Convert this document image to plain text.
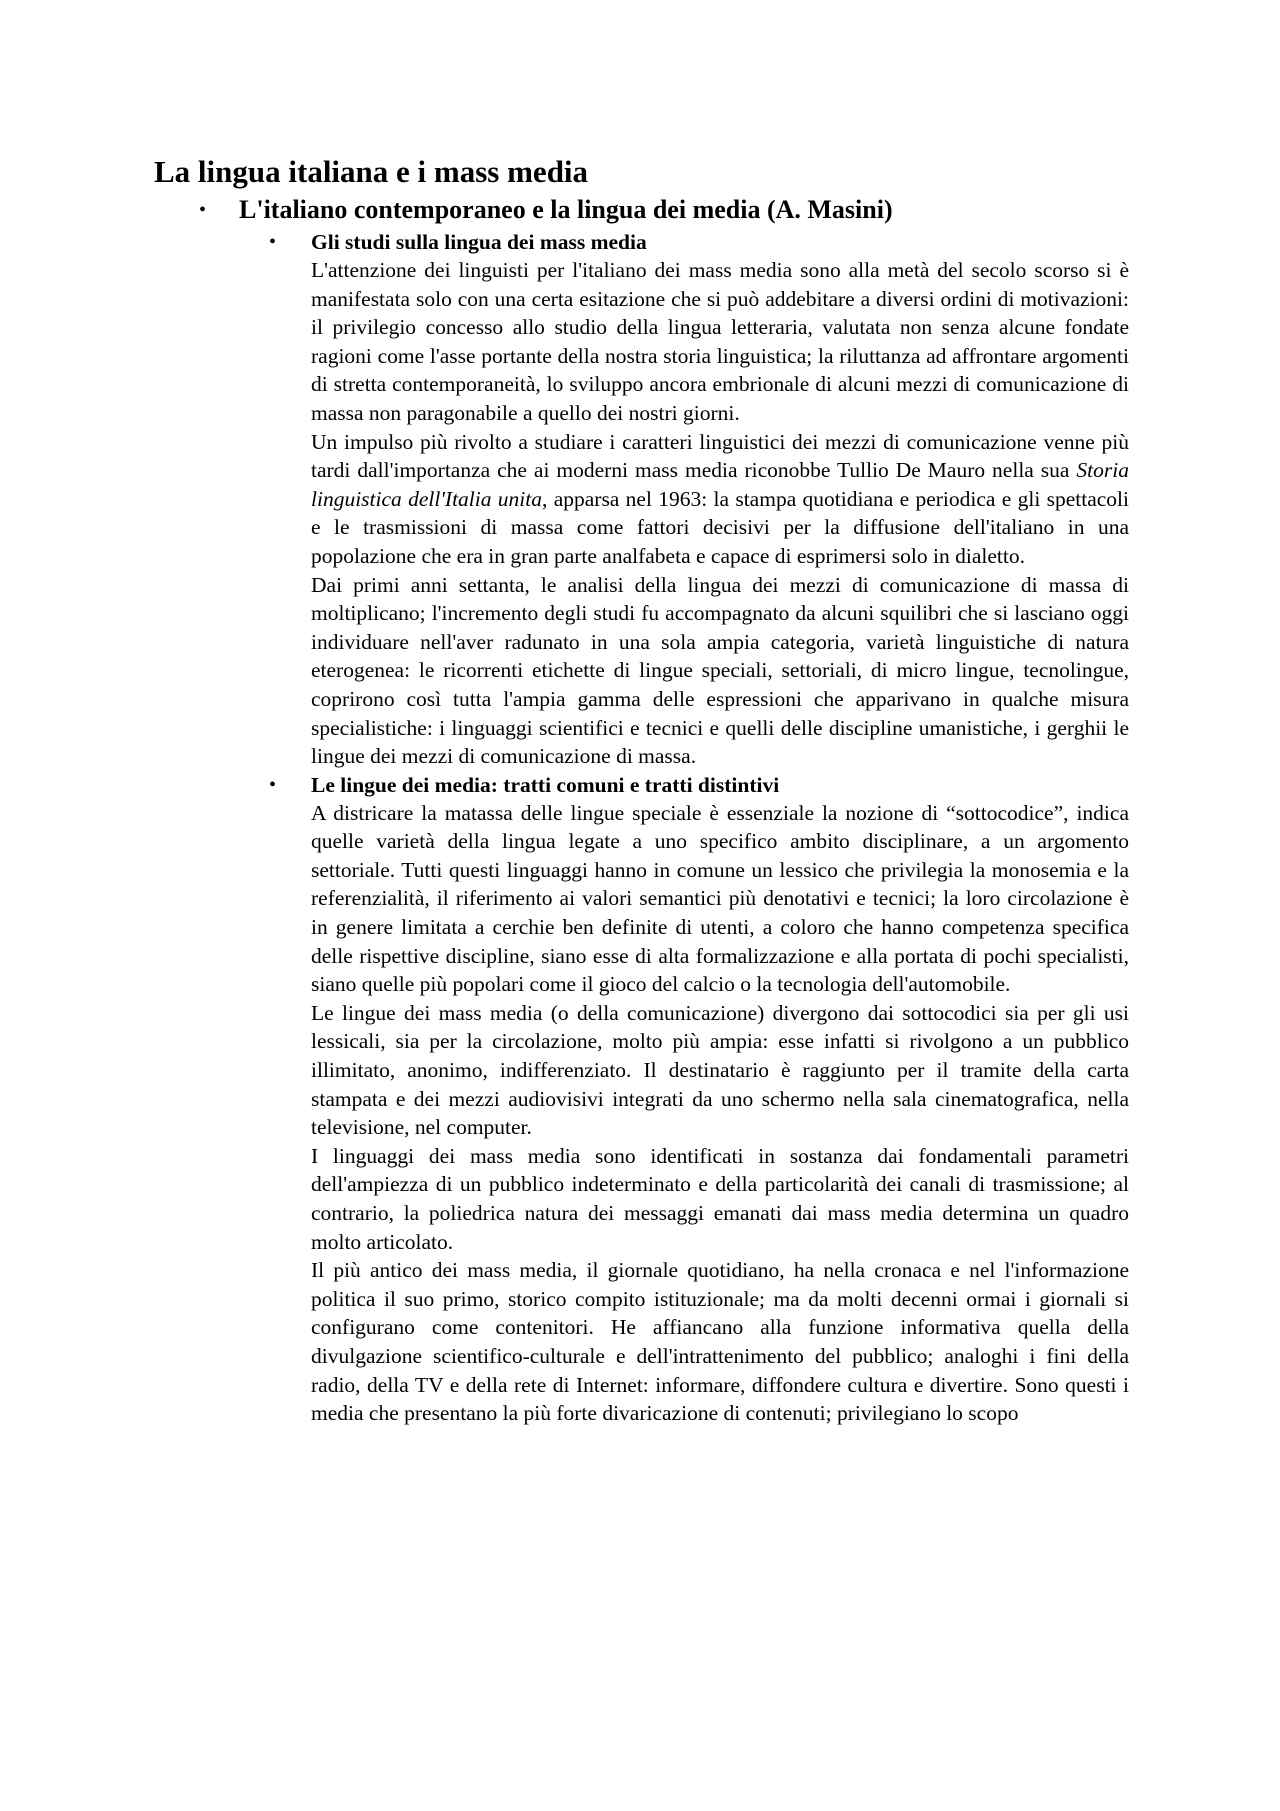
La lingua italiana e i mass media
• L'italiano contemporaneo e la lingua dei media (A. Masini)
• Gli studi sulla lingua dei mass media

L'attenzione dei linguisti per l'italiano dei mass media sono alla metà del secolo scorso si è manifestata solo con una certa esitazione che si può addebitare a diversi ordini di motivazioni: il privilegio concesso allo studio della lingua letteraria, valutata non senza alcune fondate ragioni come l'asse portante della nostra storia linguistica; la riluttanza ad affrontare argomenti di stretta contemporaneità, lo sviluppo ancora embrionale di alcuni mezzi di comunicazione di massa non paragonabile a quello dei nostri giorni.

Un impulso più rivolto a studiare i caratteri linguistici dei mezzi di comunicazione venne più tardi dall'importanza che ai moderni mass media riconobbe Tullio De Mauro nella sua Storia linguistica dell'Italia unita, apparsa nel 1963: la stampa quotidiana e periodica e gli spettacoli e le trasmissioni di massa come fattori decisivi per la diffusione dell'italiano in una popolazione che era in gran parte analfabeta e capace di esprimersi solo in dialetto.

Dai primi anni settanta, le analisi della lingua dei mezzi di comunicazione di massa di moltiplicano; l'incremento degli studi fu accompagnato da alcuni squilibri che si lasciano oggi individuare nell'aver radunato in una sola ampia categoria, varietà linguistiche di natura eterogenea: le ricorrenti etichette di lingue speciali, settoriali, di micro lingue, tecnolingue, coprirono così tutta l'ampia gamma delle espressioni che apparivano in qualche misura specialistiche: i linguaggi scientifici e tecnici e quelli delle discipline umanistiche, i gerghii le lingue dei mezzi di comunicazione di massa.

• Le lingue dei media: tratti comuni e tratti distintivi

A districare la matassa delle lingue speciale è essenziale la nozione di “sottocodice”, indica quelle varietà della lingua legate a uno specifico ambito disciplinare, a un argomento settoriale. Tutti questi linguaggi hanno in comune un lessico che privilegia la monosemia e la referenzialità, il riferimento ai valori semantici più denotativi e tecnici; la loro circolazione è in genere limitata a cerchie ben definite di utenti, a coloro che hanno competenza specifica delle rispettive discipline, siano esse di alta formalizzazione e alla portata di pochi specialisti, siano quelle più popolari come il gioco del calcio o la tecnologia dell'automobile.

Le lingue dei mass media (o della comunicazione) divergono dai sottocodici sia per gli usi lessicali, sia per la circolazione, molto più ampia: esse infatti si rivolgono a un pubblico illimitato, anonimo, indifferenziato. Il destinatario è raggiunto per il tramite della carta stampata e dei mezzi audiovisivi integrati da uno schermo nella sala cinematografica, nella televisione, nel computer.

I linguaggi dei mass media sono identificati in sostanza dai fondamentali parametri dell'ampiezza di un pubblico indeterminato e della particolarità dei canali di trasmissione; al contrario, la poliedrica natura dei messaggi emanati dai mass media determina un quadro molto articolato.

Il più antico dei mass media, il giornale quotidiano, ha nella cronaca e nel l'informazione politica il suo primo, storico compito istituzionale; ma da molti decenni ormai i giornali si configurano come contenitori. He affiancano alla funzione informativa quella della divulgazione scientifico-culturale e dell'intrattenimento del pubblico; analoghi i fini della radio, della TV e della rete di Internet: informare, diffondere cultura e divertire. Sono questi i media che presentano la più forte divaricazione di contenuti; privilegiano lo scopo
